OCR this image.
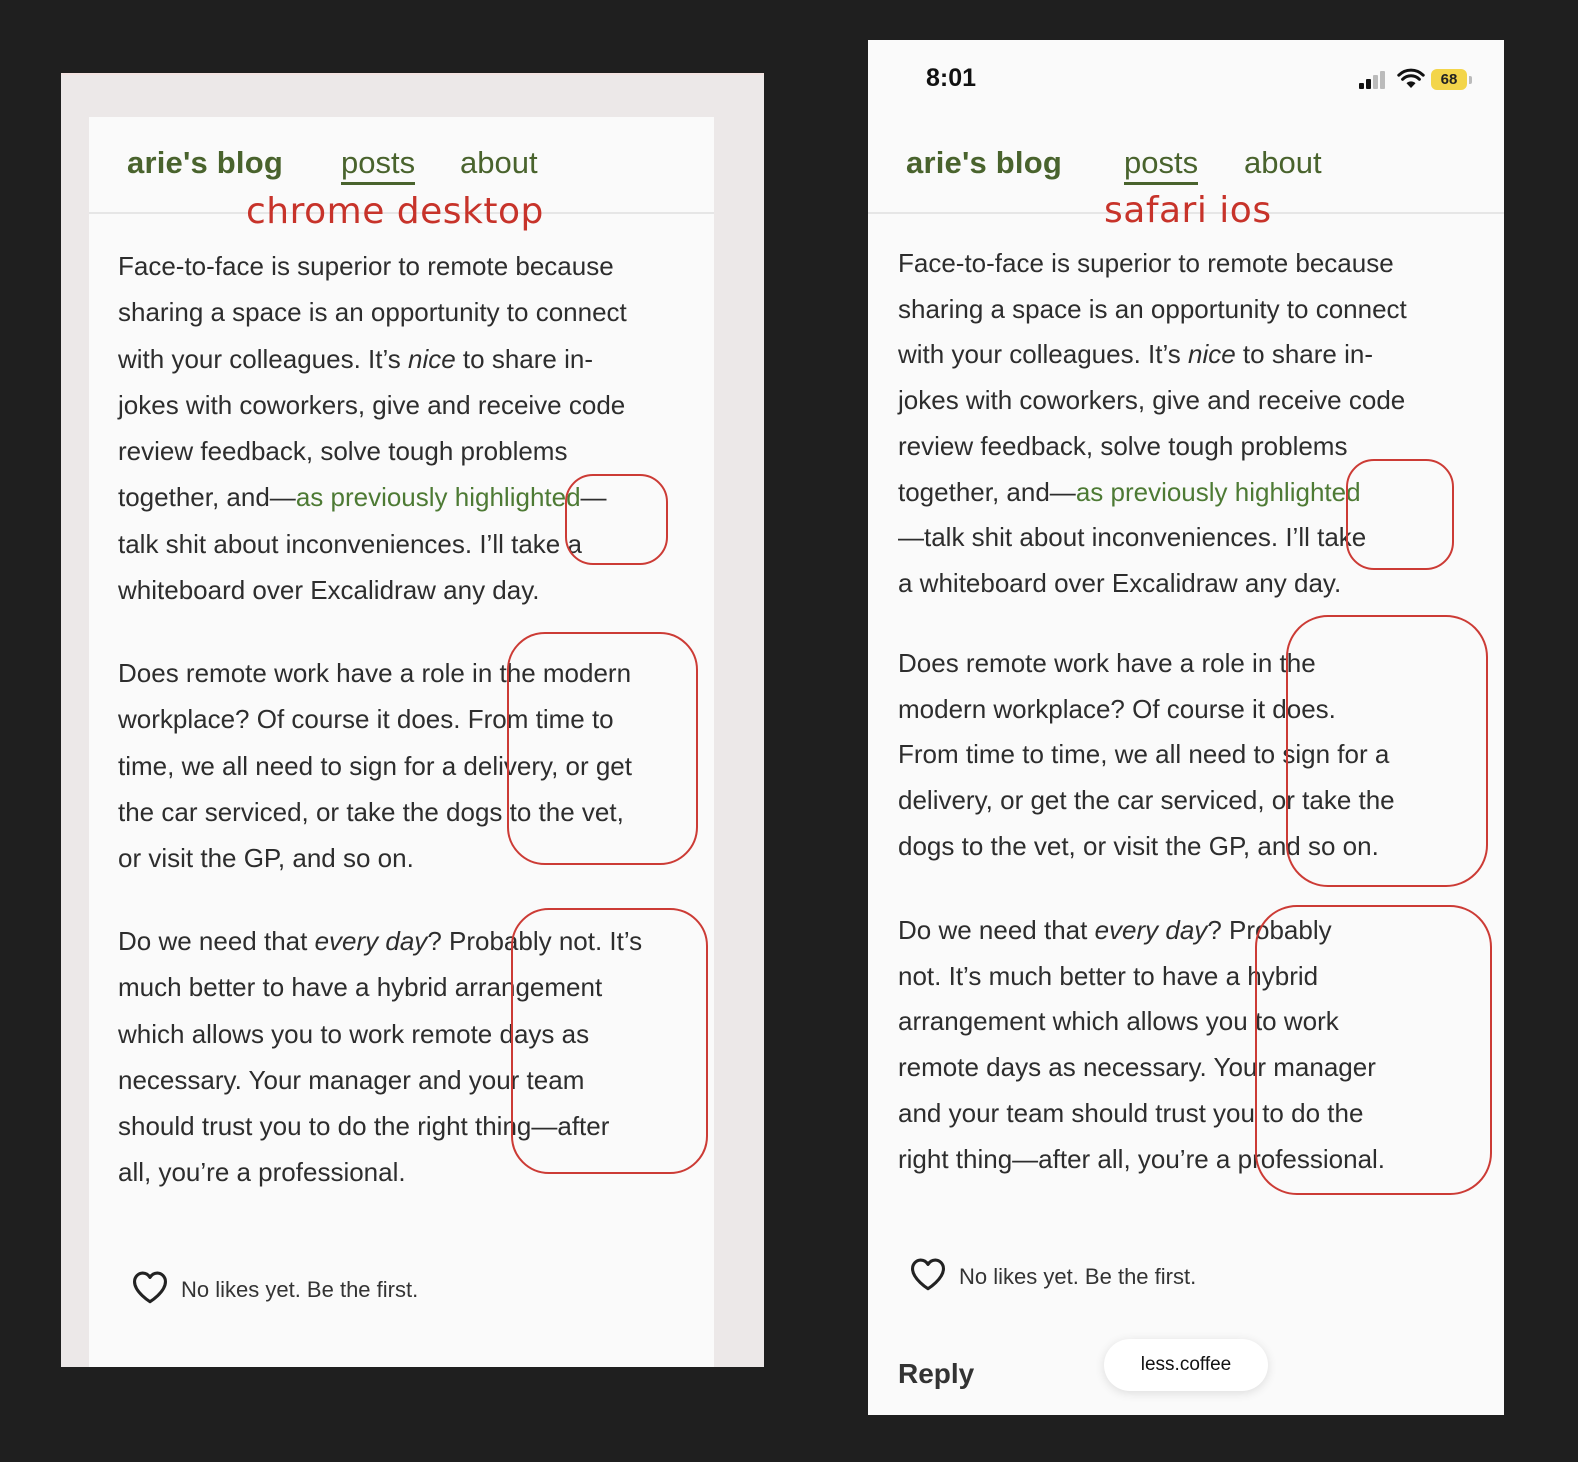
arie's blog posts about
chrome desktop

Face-to-face is superior to remote because

sharing a space is an opportunity to connect

with your colleagues. It’s nice to share in-

jokes with coworkers, give and receive code

review feedback, solve tough problems

together, and—as previously highlighted—

talk shit about inconveniences. I’ll take a

whiteboard over Excalidraw any day.

Does remote work have a role in the modern

workplace? Of course it does. From time to

time, we all need to sign for a delivery, or get

the car serviced, or take the dogs to the vet,

or visit the GP, and so on.

Do we need that every day? Probably not. It’s

much better to have a hybrid arrangement

which allows you to work remote days as

necessary. Your manager and your team

should trust you to do the right thing—after

all, you’re a professional.

No likes yet. Be the first.
8:01	68
arie's blog posts about
safari ios

Face-to-face is superior to remote because

sharing a space is an opportunity to connect

with your colleagues. It’s nice to share in-

jokes with coworkers, give and receive code

review feedback, solve tough problems

together, and—as previously highlighted

—talk shit about inconveniences. I’ll take

a whiteboard over Excalidraw any day.

Does remote work have a role in the

modern workplace? Of course it does.

From time to time, we all need to sign for a

delivery, or get the car serviced, or take the

dogs to the vet, or visit the GP, and so on.

Do we need that every day? Probably

not. It’s much better to have a hybrid

arrangement which allows you to work

remote days as necessary. Your manager

and your team should trust you to do the

right thing—after all, you’re a professional.

No likes yet. Be the first.
Reply	less.coffee
